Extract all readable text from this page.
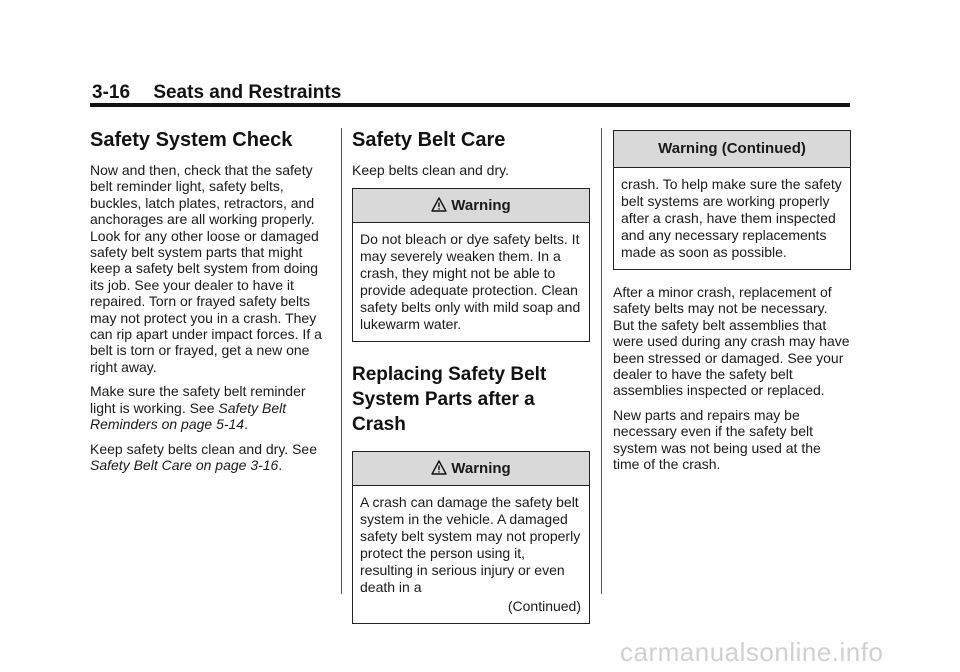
3-16 Seats and Restraints
Safety System Check

Now and then, check that the safety belt reminder light, safety belts, buckles, latch plates, retractors, and anchorages are all working properly. Look for any other loose or damaged safety belt system parts that might keep a safety belt system from doing its job. See your dealer to have it repaired. Torn or frayed safety belts may not protect you in a crash. They can rip apart under impact forces. If a belt is torn or frayed, get a new one right away.

Make sure the safety belt reminder light is working. See Safety Belt Reminders on page 5-14.

Keep safety belts clean and dry. See Safety Belt Care on page 3-16.

Safety Belt Care

Keep belts clean and dry.

Warning
Do not bleach or dye safety belts. It may severely weaken them. In a crash, they might not be able to provide adequate protection. Clean safety belts only with mild soap and lukewarm water.
Replacing Safety Belt System Parts after a Crash
Warning
A crash can damage the safety belt system in the vehicle. A damaged safety belt system may not properly protect the person using it, resulting in serious injury or even death in a
(Continued)
Warning (Continued)
crash. To help make sure the safety belt systems are working properly after a crash, have them inspected and any necessary replacements made as soon as possible.

After a minor crash, replacement of safety belts may not be necessary. But the safety belt assemblies that were used during any crash may have been stressed or damaged. See your dealer to have the safety belt assemblies inspected or replaced.

New parts and repairs may be necessary even if the safety belt system was not being used at the time of the crash.

carmanualsonline.info
